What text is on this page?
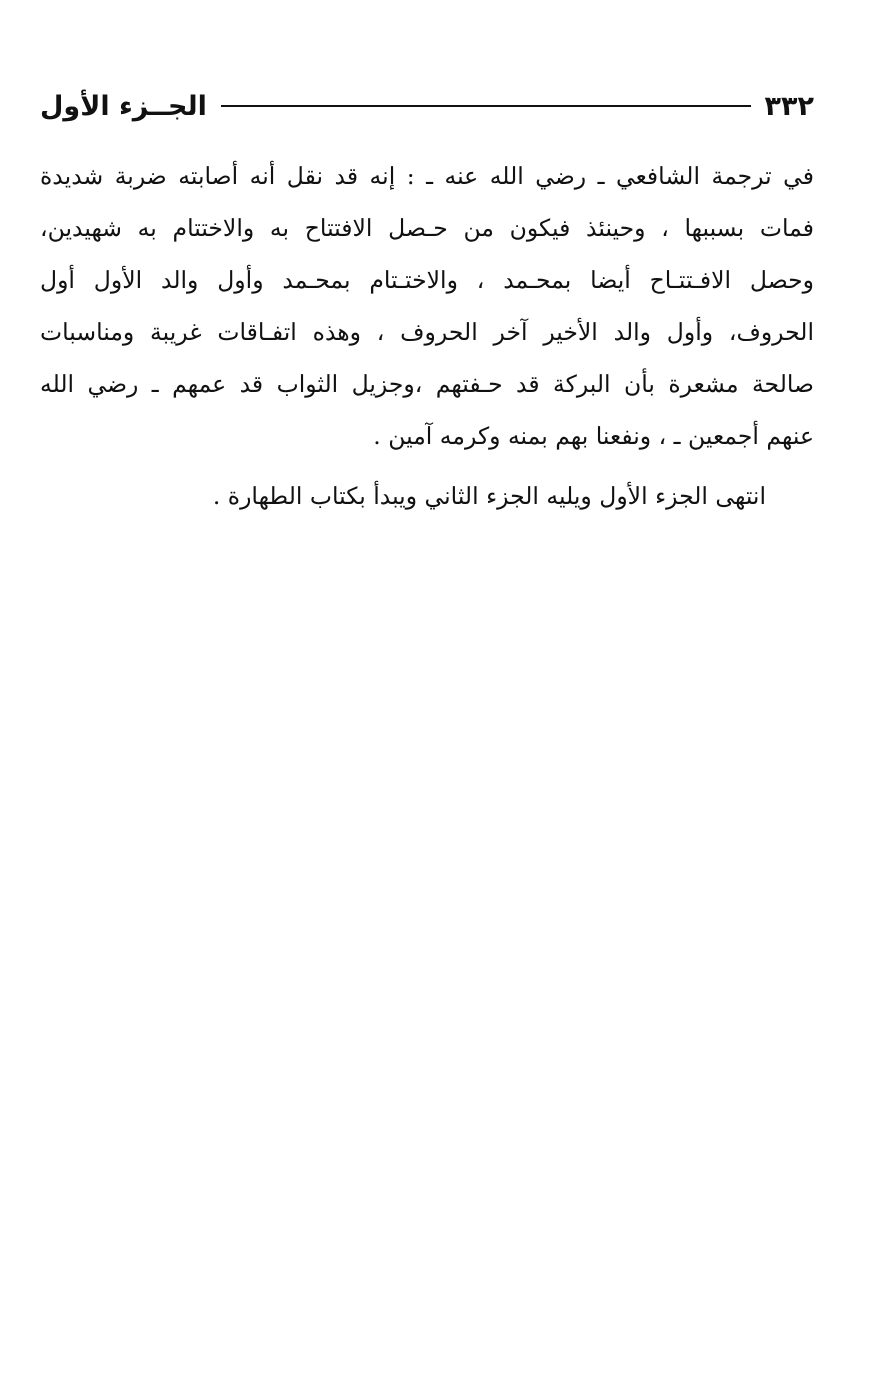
٣٣٢
الجــزء الأول
في ترجمة الشافعي ـ رضي الله عنه ـ : إنه قد نقل أنه أصابته ضربة شديدة
فمات بسببها ، وحينئذ فيكون من حـصل الافتتاح به والاختتام به شهيدين،
وحصل الافـتتـاح أيضا بمحـمد ، والاختـتام بمحـمد وأول والد الأول أول
الحروف، وأول والد الأخير آخر الحروف ، وهذه اتفـاقات غريبة ومناسبات
صالحة مشعرة بأن البركة قد حـفتهم ،وجزيل الثواب قد عمهم ـ رضي الله
عنهم أجمعين ـ ، ونفعنا بهم بمنه وكرمه آمين .
انتهى الجزء الأول ويليه الجزء الثاني ويبدأ بكتاب الطهارة .
